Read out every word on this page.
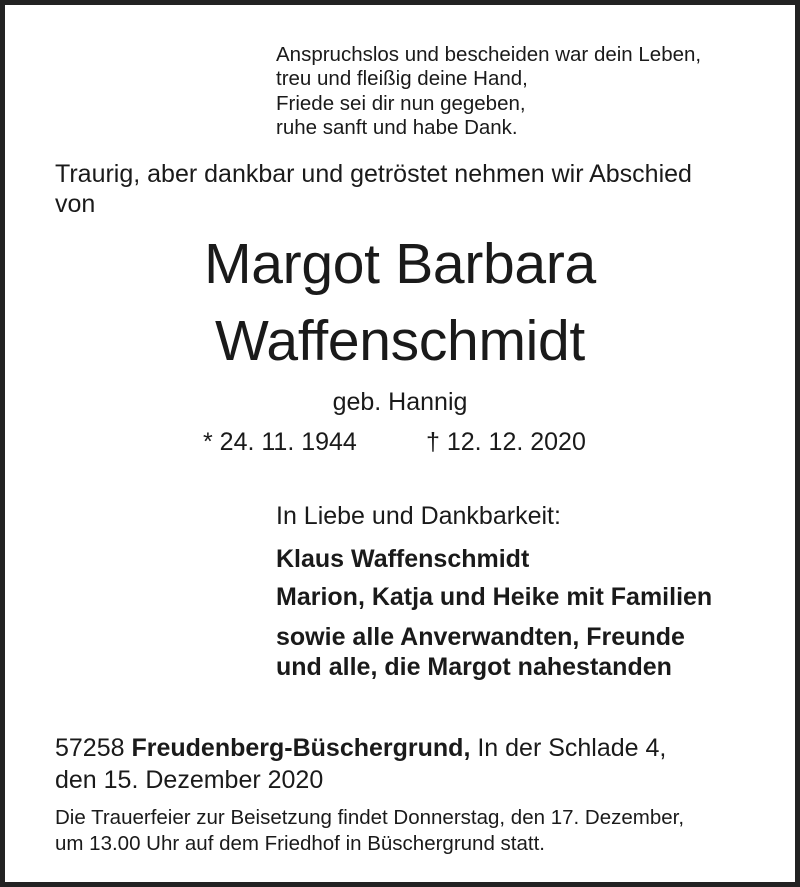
Anspruchslos und bescheiden war dein Leben,
treu und fleißig deine Hand,
Friede sei dir nun gegeben,
ruhe sanft und habe Dank.
Traurig, aber dankbar und getröstet nehmen wir Abschied
von
Margot Barbara
Waffenschmidt
geb. Hannig
* 24. 11. 1944	† 12. 12. 2020
In Liebe und Dankbarkeit:
Klaus Waffenschmidt
Marion, Katja und Heike mit Familien
sowie alle Anverwandten, Freunde
und alle, die Margot nahestanden
57258 Freudenberg-Büschergrund, In der Schlade 4,
den 15. Dezember 2020
Die Trauerfeier zur Beisetzung findet Donnerstag, den 17. Dezember,
um 13.00 Uhr auf dem Friedhof in Büschergrund statt.
